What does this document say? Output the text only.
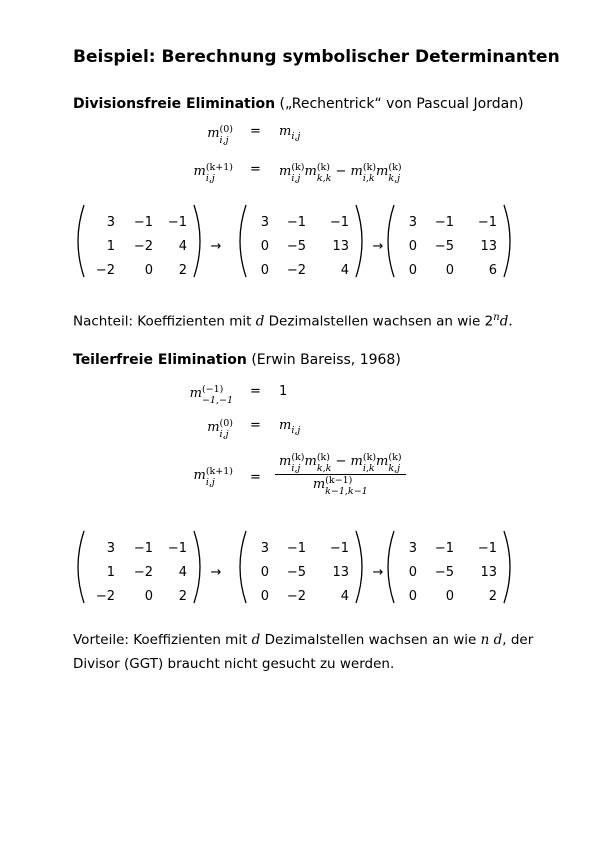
Beispiel: Berechnung symbolischer Determinanten
Divisionsfreie Elimination („Rechentrick“ von Pascual Jordan)
m (0)
i,j
= $m_{i,j}$
m (k+1)
i,j
= m (k)
i,j m (k)
k,k − m (k)
i,k m (k)
k,j
3 −1 −1
1 −2 4
−2 0 2
→
3 −1 −1
0 −5 13
0 −2	4
→
3 −1 −1
0 −5 13
0 0	6
Nachteil: Koeffizienten mit d Dezimalstellen wachsen an wie 2$^n$d.
Teilerfreie Elimination (Erwin Bareiss, 1968)
m (−1)
−1,−1
= 1
m (0)
i,j
= $m_{i,j}$
m (k+1)
i,j	= m (k)
i,j m (k)
k,k − m (k)
i,k m (k)
k,j
m (k−1)
k−1,k−1
3 −1 −1
1 −2 4
−2 0 2
→
3 −1 −1
0 −5 13
0 −2	4
→
3 −1 −1
0 −5 13
0 0	2
Vorteile: Koeffizienten mit d Dezimalstellen wachsen an wie n d, der
Divisor (GGT) braucht nicht gesucht zu werden.
